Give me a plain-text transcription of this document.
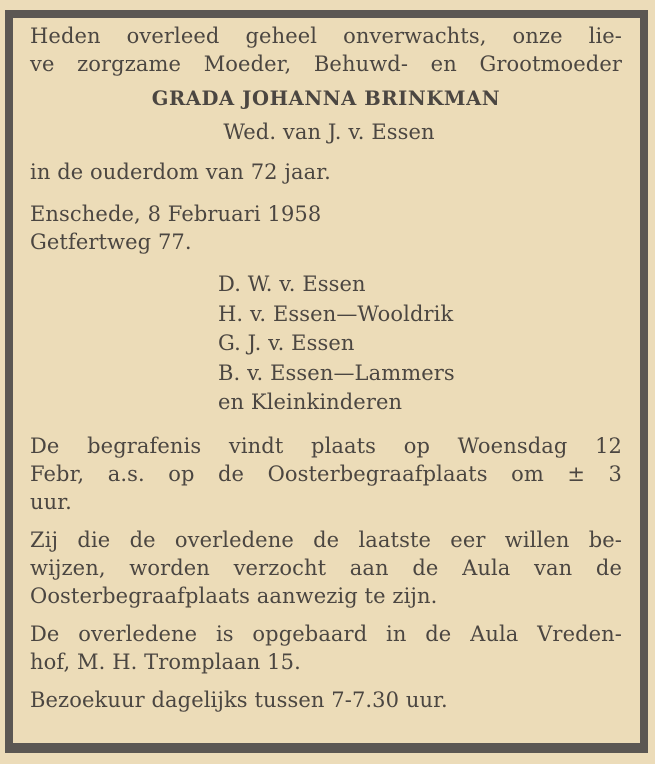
Heden overleed geheel onverwachts, onze lie-
ve zorgzame Moeder, Behuwd- en Grootmoeder
GRADA JOHANNA BRINKMAN
Wed. van J. v. Essen
in de ouderdom van 72 jaar.
Enschede, 8 Februari 1958
Getfertweg 77.
D. W. v. Essen
H. v. Essen—Wooldrik
G. J. v. Essen
B. v. Essen—Lammers
en Kleinkinderen
De begrafenis vindt plaats op Woensdag 12
Febr, a.s. op de Oosterbegraafplaats om ± 3
uur.
Zij die de overledene de laatste eer willen be-
wijzen, worden verzocht aan de Aula van de
Oosterbegraafplaats aanwezig te zijn.
De overledene is opgebaard in de Aula Vreden-
hof, M. H. Tromplaan 15.
Bezoekuur dagelijks tussen 7-7.30 uur.
